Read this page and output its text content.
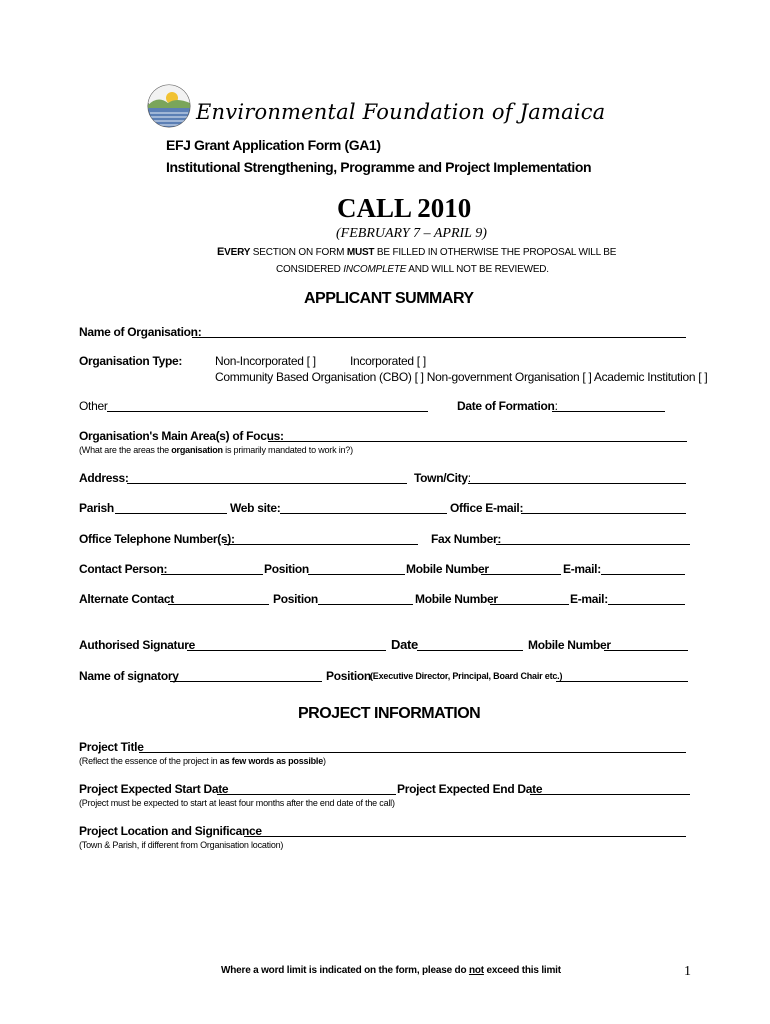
Environmental Foundation of Jamaica
EFJ Grant Application Form (GA1)
Institutional Strengthening, Programme and Project Implementation
CALL 2010
(FEBRUARY 7 – APRIL 9)
EVERY SECTION ON FORM MUST BE FILLED IN OTHERWISE THE PROPOSAL WILL BE
CONSIDERED INCOMPLETE AND WILL NOT BE REVIEWED.
APPLICANT SUMMARY
Name of Organisation:
Organisation Type:	Non-Incorporated [ ]	Incorporated [ ]
Community Based Organisation (CBO) [ ] Non-government Organisation [ ] Academic Institution [ ]
Other	Date of Formation:
Organisation's Main Area(s) of Focus:
(What are the areas the organisation is primarily mandated to work in?)
Address:	Town/City:
Parish	Web site:	Office E-mail:
Office Telephone Number(s):	Fax Number:
Contact Person:	Position	Mobile Number	E-mail:
Alternate Contact	Position	Mobile Number	E-mail:
Authorised Signature	Date	Mobile Number
Name of signatory	Position (Executive Director, Principal, Board Chair etc.)
PROJECT INFORMATION
Project Title
(Reflect the essence of the project in as few words as possible)
Project Expected Start Date	Project Expected End Date
(Project must be expected to start at least four months after the end date of the call)
Project Location and Significance
(Town & Parish, if different from Organisation location)
Where a word limit is indicated on the form, please do not exceed this limit	1
